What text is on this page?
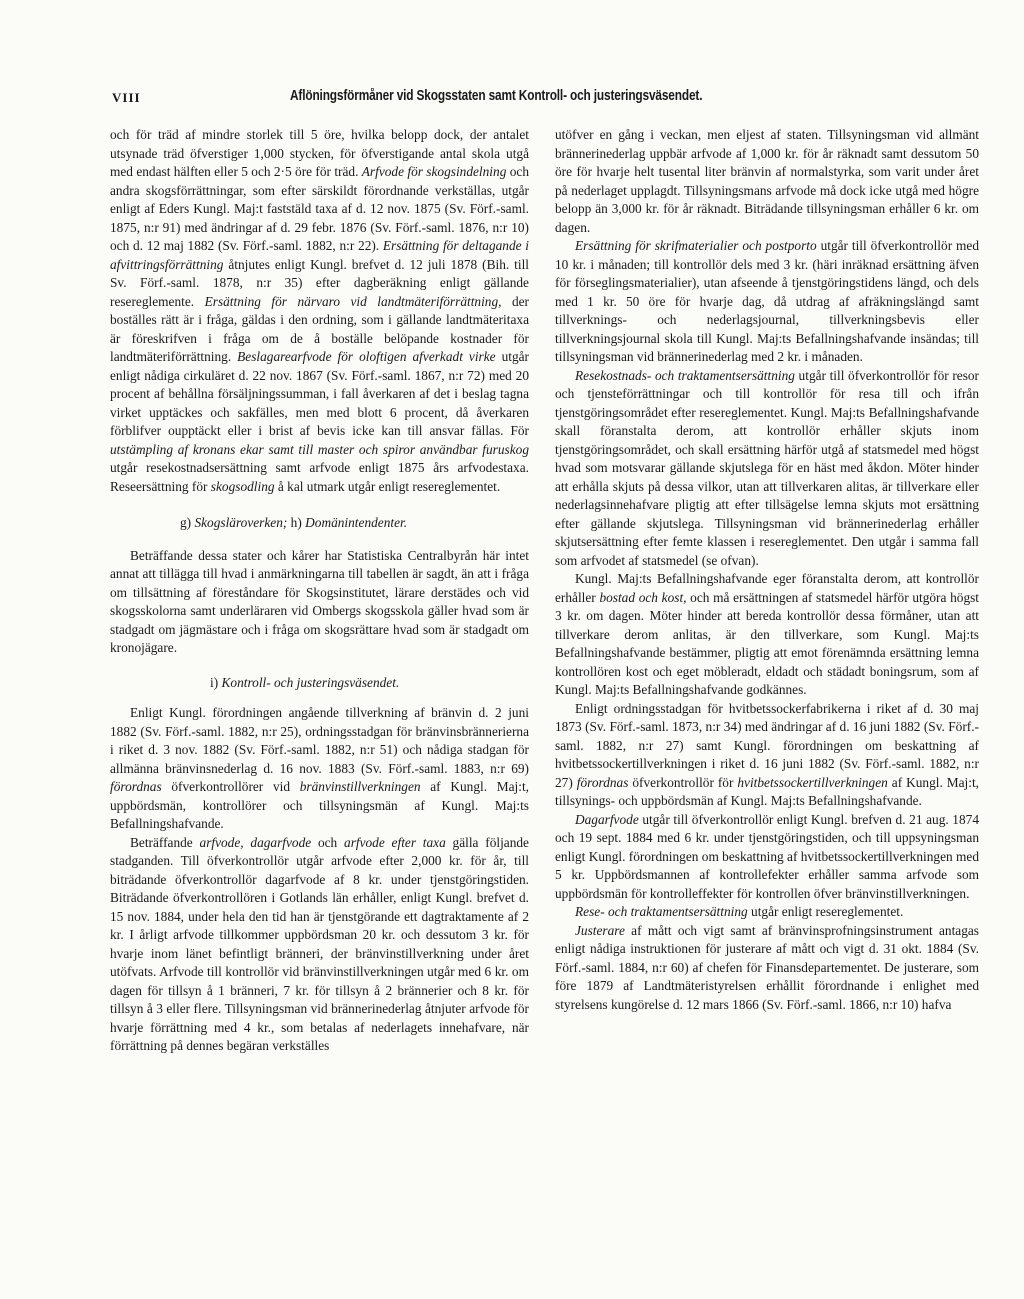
VIII	Aflöningsförmåner vid Skogsstaten samt Kontroll- och justeringsväsendet.

och för träd af mindre storlek till 5 öre, hvilka belopp dock, der antalet utsynade träd öfverstiger 1,000 stycken, för öfverstigande antal skola utgå med endast hälften eller 5 och 2·5 öre för träd. Arfvode för skogsindelning och andra skogsförrättningar, som efter särskildt förordnande verkställas, utgår enligt af Eders Kungl. Maj:t faststäld taxa af d. 12 nov. 1875 (Sv. Förf.-saml. 1875, n:r 91) med ändringar af d. 29 febr. 1876 (Sv. Förf.-saml. 1876, n:r 10) och d. 12 maj 1882 (Sv. Förf.-saml. 1882, n:r 22). Ersättning för deltagande i afvittringsförrättning åtnjutes enligt Kungl. brefvet d. 12 juli 1878 (Bih. till Sv. Förf.-saml. 1878, n:r 35) efter dagberäkning enligt gällande resereglemente. Ersättning för närvaro vid landtmäteriförrättning, der boställes rätt är i fråga, gäldas i den ordning, som i gällande landtmäteritaxa är föreskrifven i fråga om de å boställe belöpande kostnader för landtmäteriförrättning. Beslagarearfvode för oloftigen afverkadt virke utgår enligt nådiga cirkuläret d. 22 nov. 1867 (Sv. Förf.-saml. 1867, n:r 72) med 20 procent af behållna försäljningssumman, i fall åverkaren af det i beslag tagna virket upptäckes och sakfälles, men med blott 6 procent, då åverkaren förblifver oupptäckt eller i brist af bevis icke kan till ansvar fällas. För utstämpling af kronans ekar samt till master och spiror användbar furuskog utgår resekostnadsersättning samt arfvode enligt 1875 års arfvodestaxa. Reseersättning för skogsodling å kal utmark utgår enligt resereglementet.

g) Skogsläroverken; h) Domänintendenter.

Beträffande dessa stater och kårer har Statistiska Centralbyrån här intet annat att tillägga till hvad i anmärkningarna till tabellen är sagdt, än att i fråga om tillsättning af föreståndare för Skogsinstitutet, lärare derstädes och vid skogsskolorna samt underläraren vid Ombergs skogsskola gäller hvad som är stadgadt om jägmästare och i fråga om skogsrättare hvad som är stadgadt om kronojägare.

i) Kontroll- och justeringsväsendet.

Enligt Kungl. förordningen angående tillverkning af bränvin d. 2 juni 1882 (Sv. Förf.-saml. 1882, n:r 25), ordningsstadgan för bränvinsbrännerierna i riket d. 3 nov. 1882 (Sv. Förf.-saml. 1882, n:r 51) och nådiga stadgan för allmänna bränvinsnederlag d. 16 nov. 1883 (Sv. Förf.-saml. 1883, n:r 69) förordnas öfverkontrollörer vid bränvinstillverkningen af Kungl. Maj:t, uppbördsmän, kontrollörer och tillsyningsmän af Kungl. Maj:ts Befallningshafvande.

Beträffande arfvode, dagarfvode och arfvode efter taxa gälla följande stadganden. Till öfverkontrollör utgår arfvode efter 2,000 kr. för år, till biträdande öfverkontrollör dagarfvode af 8 kr. under tjenstgöringstiden. Biträdande öfverkontrollören i Gotlands län erhåller, enligt Kungl. brefvet d. 15 nov. 1884, under hela den tid han är tjenstgörande ett dagtraktamente af 2 kr. I årligt arfvode tillkommer uppbördsman 20 kr. och dessutom 3 kr. för hvarje inom länet befintligt bränneri, der bränvinstillverkning under året utöfvats. Arfvode till kontrollör vid bränvinstillverkningen utgår med 6 kr. om dagen för tillsyn å 1 bränneri, 7 kr. för tillsyn å 2 brännerier och 8 kr. för tillsyn å 3 eller flere. Tillsyningsman vid brännerinederlag åtnjuter arfvode för hvarje förrättning med 4 kr., som betalas af nederlagets innehafvare, när förrättning på dennes begäran verkställes

utöfver en gång i veckan, men eljest af staten. Tillsyningsman vid allmänt brännerinederlag uppbär arfvode af 1,000 kr. för år räknadt samt dessutom 50 öre för hvarje helt tusental liter bränvin af normalstyrka, som varit under året på nederlaget upplagdt. Tillsyningsmans arfvode må dock icke utgå med högre belopp än 3,000 kr. för år räknadt. Biträdande tillsyningsman erhåller 6 kr. om dagen.

Ersättning för skrifmaterialier och postporto utgår till öfverkontrollör med 10 kr. i månaden; till kontrollör dels med 3 kr. (häri inräknad ersättning äfven för förseglingsmaterialier), utan afseende å tjenstgöringstidens längd, och dels med 1 kr. 50 öre för hvarje dag, då utdrag af afräkningslängd samt tillverknings- och nederlagsjournal, tillverkningsbevis eller tillverkningsjournal skola till Kungl. Maj:ts Befallningshafvande insändas; till tillsyningsman vid brännerinederlag med 2 kr. i månaden.

Resekostnads- och traktamentsersättning utgår till öfverkontrollör för resor och tjensteförrättningar och till kontrollör för resa till och ifrån tjenstgöringsområdet efter resereglementet. Kungl. Maj:ts Befallningshafvande skall föranstalta derom, att kontrollör erhåller skjuts inom tjenstgöringsområdet, och skall ersättning härför utgå af statsmedel med högst hvad som motsvarar gällande skjutslega för en häst med åkdon. Möter hinder att erhålla skjuts på dessa vilkor, utan att tillverkaren alitas, är tillverkare eller nederlagsinnehafvare pligtig att efter tillsägelse lemna skjuts mot ersättning efter gällande skjutslega. Tillsyningsman vid brännerinederlag erhåller skjutsersättning efter femte klassen i resereglementet. Den utgår i samma fall som arfvodet af statsmedel (se ofvan).

Kungl. Maj:ts Befallningshafvande eger föranstalta derom, att kontrollör erhåller bostad och kost, och må ersättningen af statsmedel härför utgöra högst 3 kr. om dagen. Möter hinder att bereda kontrollör dessa förmåner, utan att tillverkare derom anlitas, är den tillverkare, som Kungl. Maj:ts Befallningshafvande bestämmer, pligtig att emot förenämnda ersättning lemna kontrollören kost och eget möbleradt, eldadt och städadt boningsrum, som af Kungl. Maj:ts Befallningshafvande godkännes.

Enligt ordningsstadgan för hvitbetssockerfabrikerna i riket af d. 30 maj 1873 (Sv. Förf.-saml. 1873, n:r 34) med ändringar af d. 16 juni 1882 (Sv. Förf.-saml. 1882, n:r 27) samt Kungl. förordningen om beskattning af hvitbetssockertillverkningen i riket d. 16 juni 1882 (Sv. Förf.-saml. 1882, n:r 27) förordnas öfverkontrollör för hvitbetssockertillverkningen af Kungl. Maj:t, tillsynings- och uppbördsmän af Kungl. Maj:ts Befallningshafvande.

Dagarfvode utgår till öfverkontrollör enligt Kungl. brefven d. 21 aug. 1874 och 19 sept. 1884 med 6 kr. under tjenstgöringstiden, och till uppsyningsman enligt Kungl. förordningen om beskattning af hvitbetssockertillverkningen med 5 kr. Uppbördsmannen af kontrollefekter erhåller samma arfvode som uppbördsmän för kontrolleffekter för kontrollen öfver bränvinstillverkningen.

Rese- och traktamentsersättning utgår enligt resereglementet.

Justerare af mått och vigt samt af bränvinsprofningsinstrument antagas enligt nådiga instruktionen för justerare af mått och vigt d. 31 okt. 1884 (Sv. Förf.-saml. 1884, n:r 60) af chefen för Finansdepartementet. De justerare, som före 1879 af Landtmäteristyrelsen erhållit förordnande i enlighet med styrelsens kungörelse d. 12 mars 1866 (Sv. Förf.-saml. 1866, n:r 10) hafva
